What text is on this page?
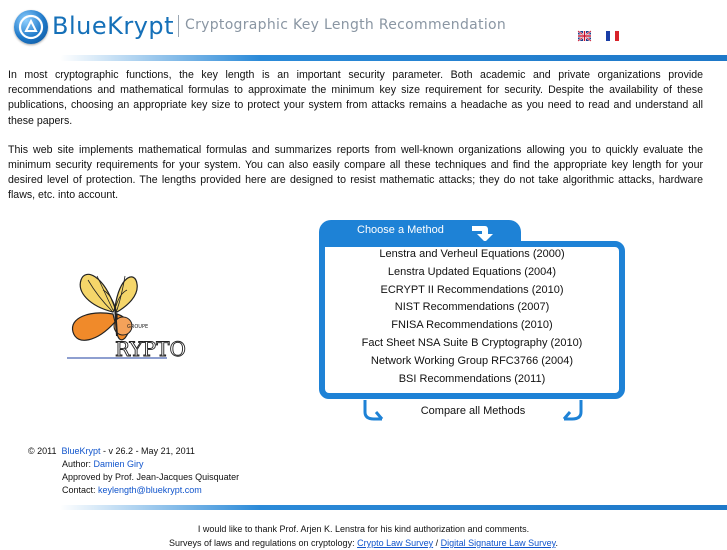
BlueKrypt Cryptographic Key Length Recommendation

In most cryptographic functions, the key length is an important security parameter. Both academic and private organizations provide recommendations and mathematical formulas to approximate the minimum key size requirement for security. Despite the availability of these publications, choosing an appropriate key size to protect your system from attacks remains a headache as you need to read and understand all these papers.

This web site implements mathematical formulas and summarizes reports from well-known organizations allowing you to quickly evaluate the minimum security requirements for your system. You can also easily compare all these techniques and find the appropriate key length for your desired level of protection. The lengths provided here are designed to resist mathematic attacks; they do not take algorithmic attacks, hardware flaws, etc. into account.

GROUPE
RYPTO
Choose a Method
Lenstra and Verheul Equations (2000)
Lenstra Updated Equations (2004)
ECRYPT II Recommendations (2010)
NIST Recommendations (2007)
FNISA Recommendations (2010)
Fact Sheet NSA Suite B Cryptography (2010)
Network Working Group RFC3766 (2004)
BSI Recommendations (2011)
Compare all Methods
© 2011 BlueKrypt - v 26.2 - May 21, 2011
Author: Damien Giry
Approved by Prof. Jean-Jacques Quisquater
Contact: keylength@bluekrypt.com
I would like to thank Prof. Arjen K. Lenstra for his kind authorization and comments.
Surveys of laws and regulations on cryptology: Crypto Law Survey / Digital Signature Law Survey.
